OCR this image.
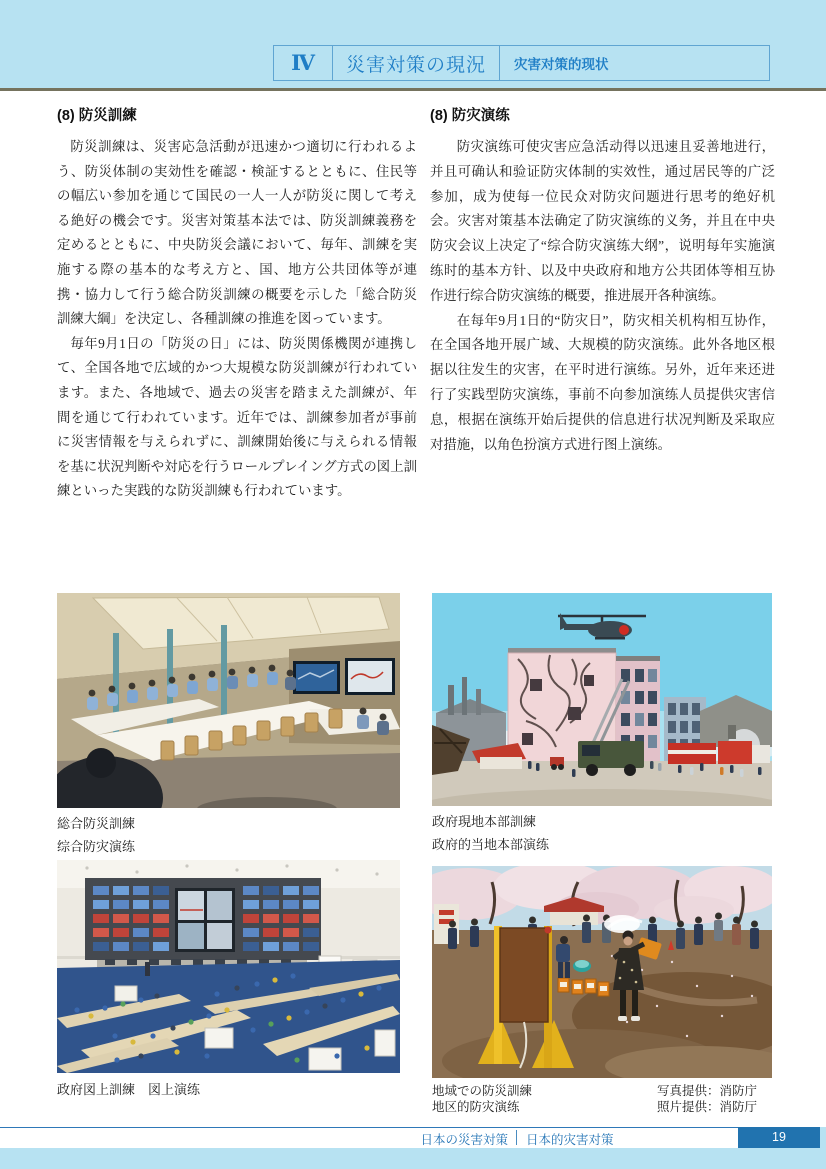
Ⅳ	災害対策の現況	灾害对策的现状
(8) 防災訓練

防災訓練は、災害応急活動が迅速かつ適切に行われるよう、防災体制の実効性を確認・検証するとともに、住民等の幅広い参加を通じて国民の一人一人が防災に関して考える絶好の機会です。災害対策基本法では、防災訓練義務を定めるとともに、中央防災会議において、毎年、訓練を実施する際の基本的な考え方と、国、地方公共団体等が連携・協力して行う総合防災訓練の概要を示した「総合防災訓練大綱」を決定し、各種訓練の推進を図っています。

毎年9月1日の「防災の日」には、防災関係機関が連携して、全国各地で広域的かつ大規模な防災訓練が行われています。また、各地域で、過去の災害を踏まえた訓練が、年間を通じて行われています。近年では、訓練参加者が事前に災害情報を与えられずに、訓練開始後に与えられる情報を基に状況判断や対応を行うロールプレイング方式の図上訓練といった実践的な防災訓練も行われています。

(8) 防灾演练

防灾演练可使灾害应急活动得以迅速且妥善地进行，并且可确认和验证防灾体制的实效性，通过居民等的广泛参加，成为使每一位民众对防灾问题进行思考的绝好机会。灾害对策基本法确定了防灾演练的义务，并且在中央防灾会议上决定了“综合防灾演练大纲”，说明每年实施演练时的基本方针、以及中央政府和地方公共团体等相互协作进行综合防灾演练的概要，推进展开各种演练。

在每年9月1日的“防灾日”，防灾相关机构相互协作，在全国各地开展广域、大规模的防灾演练。此外各地区根据以往发生的灾害，在平时进行演练。另外，近年来还进行了实践型防灾演练，事前不向参加演练人员提供灾害信息，根据在演练开始后提供的信息进行状况判断及采取应对措施，以角色扮演方式进行图上演练。

総合防災訓練
综合防灾演练
政府現地本部訓練
政府的当地本部演练
政府図上訓練　図上演练	地域での防災訓練
地区的防灾演练
写真提供：消防庁
照片提供：消防厅
日本の災害対策 日本的灾害对策	19
